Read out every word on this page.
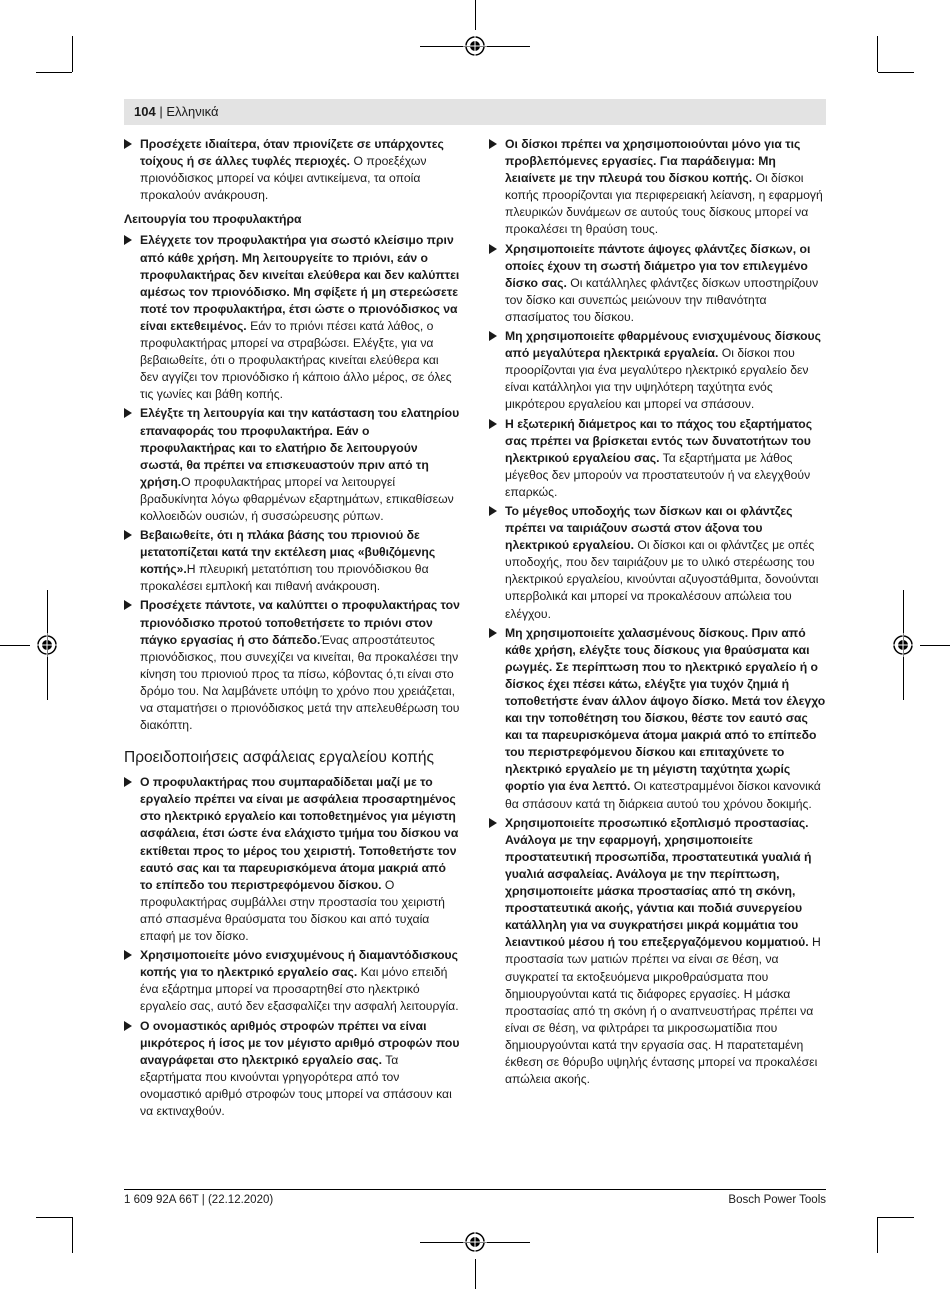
104 | Ελληνικά
Προσέχετε ιδιαίτερα, όταν πριονίζετε σε υπάρχοντες τοίχους ή σε άλλες τυφλές περιοχές. Ο προεξέχων πριονόδισκος μπορεί να κόψει αντικείμενα, τα οποία προκαλούν ανάκρουση.
Λειτουργία του προφυλακτήρα
Ελέγχετε τον προφυλακτήρα για σωστό κλείσιμο πριν από κάθε χρήση. Μη λειτουργείτε το πριόνι, εάν ο προφυλακτήρας δεν κινείται ελεύθερα και δεν καλύπτει αμέσως τον πριονόδισκο. Μη σφίξετε ή μη στερεώσετε ποτέ τον προφυλακτήρα, έτσι ώστε ο πριονόδισκος να είναι εκτεθειμένος. Εάν το πριόνι πέσει κατά λάθος, ο προφυλακτήρας μπορεί να στραβώσει. Ελέγξτε, για να βεβαιωθείτε, ότι ο προφυλακτήρας κινείται ελεύθερα και δεν αγγίζει τον πριονόδισκο ή κάποιο άλλο μέρος, σε όλες τις γωνίες και βάθη κοπής.
Ελέγξτε τη λειτουργία και την κατάσταση του ελατηρίου επαναφοράς του προφυλακτήρα. Εάν ο προφυλακτήρας και το ελατήριο δε λειτουργούν σωστά, θα πρέπει να επισκευαστούν πριν από τη χρήση.Ο προφυλακτήρας μπορεί να λειτουργεί βραδυκίνητα λόγω φθαρμένων εξαρτημάτων, επικαθίσεων κολλοειδών ουσιών, ή συσσώρευσης ρύπων.
Βεβαιωθείτε, ότι η πλάκα βάσης του πριονιού δε μετατοπίζεται κατά την εκτέλεση μιας «βυθιζόμενης κοπής».Η πλευρική μετατόπιση του πριονόδισκου θα προκαλέσει εμπλοκή και πιθανή ανάκρουση.
Προσέχετε πάντοτε, να καλύπτει ο προφυλακτήρας τον πριονόδισκο προτού τοποθετήσετε το πριόνι στον πάγκο εργασίας ή στο δάπεδο.Ένας απροστάτευτος πριονόδισκος, που συνεχίζει να κινείται, θα προκαλέσει την κίνηση του πριονιού προς τα πίσω, κόβοντας ό,τι είναι στο δρόμο του. Να λαμβάνετε υπόψη το χρόνο που χρειάζεται, να σταματήσει ο πριονόδισκος μετά την απελευθέρωση του διακόπτη.
Προειδοποιήσεις ασφάλειας εργαλείου κοπής
Ο προφυλακτήρας που συμπαραδίδεται μαζί με το εργαλείο πρέπει να είναι με ασφάλεια προσαρτημένος στο ηλεκτρικό εργαλείο και τοποθετημένος για μέγιστη ασφάλεια, έτσι ώστε ένα ελάχιστο τμήμα του δίσκου να εκτίθεται προς το μέρος του χειριστή. Τοποθετήστε τον εαυτό σας και τα παρευρισκόμενα άτομα μακριά από το επίπεδο του περιστρεφόμενου δίσκου. Ο προφυλακτήρας συμβάλλει στην προστασία του χειριστή από σπασμένα θραύσματα του δίσκου και από τυχαία επαφή με τον δίσκο.
Χρησιμοποιείτε μόνο ενισχυμένους ή διαμαντόδισκους κοπής για το ηλεκτρικό εργαλείο σας. Και μόνο επειδή ένα εξάρτημα μπορεί να προσαρτηθεί στο ηλεκτρικό εργαλείο σας, αυτό δεν εξασφαλίζει την ασφαλή λειτουργία.
Ο ονομαστικός αριθμός στροφών πρέπει να είναι μικρότερος ή ίσος με τον μέγιστο αριθμό στροφών που αναγράφεται στο ηλεκτρικό εργαλείο σας. Τα εξαρτήματα που κινούνται γρηγορότερα από τον ονομαστικό αριθμό στροφών τους μπορεί να σπάσουν και να εκτιναχθούν.
Οι δίσκοι πρέπει να χρησιμοποιούνται μόνο για τις προβλεπόμενες εργασίες. Για παράδειγμα: Μη λειαίνετε με την πλευρά του δίσκου κοπής. Οι δίσκοι κοπής προορίζονται για περιφερειακή λείανση, η εφαρμογή πλευρικών δυνάμεων σε αυτούς τους δίσκους μπορεί να προκαλέσει τη θραύση τους.
Χρησιμοποιείτε πάντοτε άψογες φλάντζες δίσκων, οι οποίες έχουν τη σωστή διάμετρο για τον επιλεγμένο δίσκο σας. Οι κατάλληλες φλάντζες δίσκων υποστηρίζουν τον δίσκο και συνεπώς μειώνουν την πιθανότητα σπασίματος του δίσκου.
Μη χρησιμοποιείτε φθαρμένους ενισχυμένους δίσκους από μεγαλύτερα ηλεκτρικά εργαλεία. Οι δίσκοι που προορίζονται για ένα μεγαλύτερο ηλεκτρικό εργαλείο δεν είναι κατάλληλοι για την υψηλότερη ταχύτητα ενός μικρότερου εργαλείου και μπορεί να σπάσουν.
Η εξωτερική διάμετρος και το πάχος του εξαρτήματος σας πρέπει να βρίσκεται εντός των δυνατοτήτων του ηλεκτρικού εργαλείου σας. Τα εξαρτήματα με λάθος μέγεθος δεν μπορούν να προστατευτούν ή να ελεγχθούν επαρκώς.
Το μέγεθος υποδοχής των δίσκων και οι φλάντζες πρέπει να ταιριάζουν σωστά στον άξονα του ηλεκτρικού εργαλείου. Οι δίσκοι και οι φλάντζες με οπές υποδοχής, που δεν ταιριάζουν με το υλικό στερέωσης του ηλεκτρικού εργαλείου, κινούνται αζυγοστάθμιτα, δονούνται υπερβολικά και μπορεί να προκαλέσουν απώλεια του ελέγχου.
Μη χρησιμοποιείτε χαλασμένους δίσκους. Πριν από κάθε χρήση, ελέγξτε τους δίσκους για θραύσματα και ρωγμές. Σε περίπτωση που το ηλεκτρικό εργαλείο ή ο δίσκος έχει πέσει κάτω, ελέγξτε για τυχόν ζημιά ή τοποθετήστε έναν άλλον άψογο δίσκο. Μετά τον έλεγχο και την τοποθέτηση του δίσκου, θέστε τον εαυτό σας και τα παρευρισκόμενα άτομα μακριά από το επίπεδο του περιστρεφόμενου δίσκου και επιταχύνετε το ηλεκτρικό εργαλείο με τη μέγιστη ταχύτητα χωρίς φορτίο για ένα λεπτό. Οι κατεστραμμένοι δίσκοι κανονικά θα σπάσουν κατά τη διάρκεια αυτού του χρόνου δοκιμής.
Χρησιμοποιείτε προσωπικό εξοπλισμό προστασίας. Ανάλογα με την εφαρμογή, χρησιμοποιείτε προστατευτική προσωπίδα, προστατευτικά γυαλιά ή γυαλιά ασφαλείας. Ανάλογα με την περίπτωση, χρησιμοποιείτε μάσκα προστασίας από τη σκόνη, προστατευτικά ακοής, γάντια και ποδιά συνεργείου κατάλληλη για να συγκρατήσει μικρά κομμάτια του λειαντικού μέσου ή του επεξεργαζόμενου κομματιού. Η προστασία των ματιών πρέπει να είναι σε θέση, να συγκρατεί τα εκτοξευόμενα μικροθραύσματα που δημιουργούνται κατά τις διάφορες εργασίες. Η μάσκα προστασίας από τη σκόνη ή ο αναπνευστήρας πρέπει να είναι σε θέση, να φιλτράρει τα μικροσωματίδια που δημιουργούνται κατά την εργασία σας. Η παρατεταμένη έκθεση σε θόρυβο υψηλής έντασης μπορεί να προκαλέσει απώλεια ακοής.
1 609 92A 66T | (22.12.2020)	Bosch Power Tools
